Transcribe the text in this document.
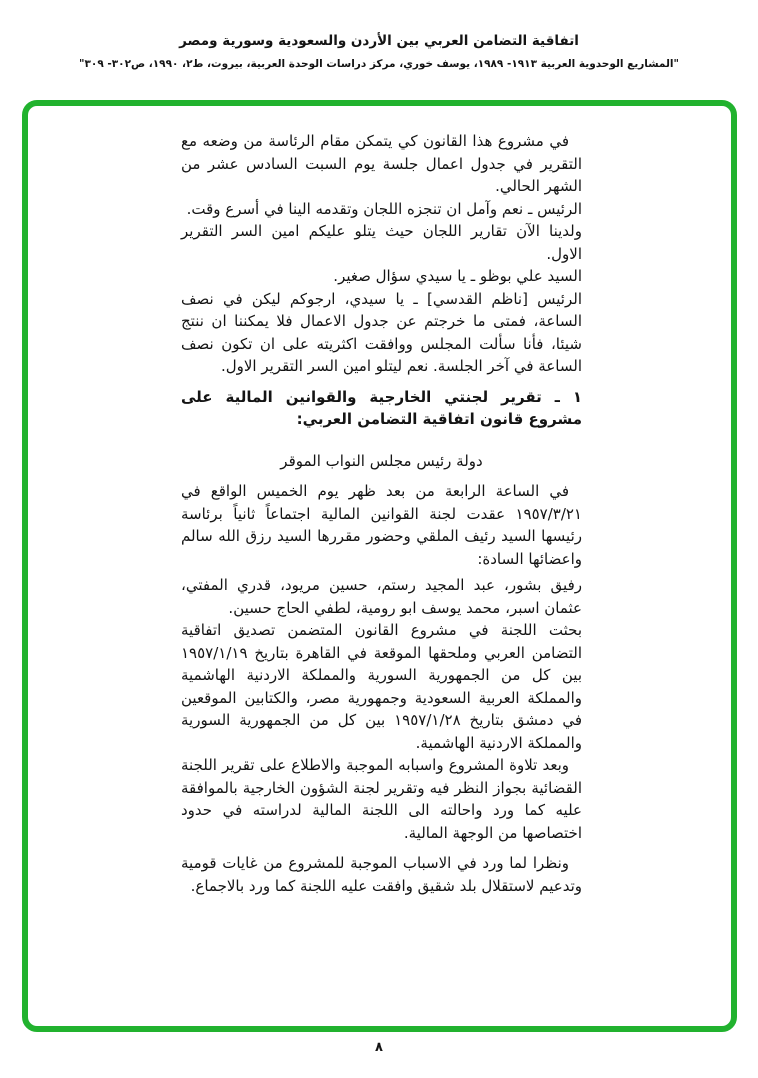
اتفاقية التضامن العربي بين الأردن والسعودية وسورية ومصر
"المشاريع الوحدوية العربية ١٩١٣- ١٩٨٩، يوسف خوري، مركز دراسات الوحدة العربية، بيروت، ط٢، ١٩٩٠، ص٣٠٢- ٣٠٩"

في مشروع هذا القانون كي يتمكن مقام الرئاسة من وضعه مع التقرير في جدول اعمال جلسة يوم السبت السادس عشر من الشهر الحالي.

الرئيس ـ نعم وآمل ان تنجزه اللجان وتقدمه الينا في أسرع وقت.

ولدينا الآن تقارير اللجان حيث يتلو عليكم امين السر التقرير الاول.

السيد علي بوظو ـ يا سيدي سؤال صغير.

الرئيس [ناظم القدسي] ـ يا سيدي، ارجوكم ليكن في نصف الساعة، فمتى ما خرجتم عن جدول الاعمال فلا يمكننا ان ننتج شيئا، فأنا سألت المجلس ووافقت اكثريته على ان تكون نصف الساعة في آخر الجلسة. نعم ليتلو امين السر التقرير الاول.

١ ـ تقرير لجنتي الخارجية والقوانين المالية على مشروع قانون اتفاقية التضامن العربي:

دولة رئيس مجلس النواب الموقر

في الساعة الرابعة من بعد ظهر يوم الخميس الواقع في ١٩٥٧/٣/٢١ عقدت لجنة القوانين المالية اجتماعاً ثانياً برئاسة رئيسها السيد رئيف الملقي وحضور مقررها السيد رزق الله سالم واعضائها السادة:

رفيق بشور، عبد المجيد رستم، حسين مريود، قدري المفتي، عثمان اسبر، محمد يوسف ابو رومية، لطفي الحاج حسين.

بحثت اللجنة في مشروع القانون المتضمن تصديق اتفاقية التضامن العربي وملحقها الموقعة في القاهرة بتاريخ ١٩٥٧/١/١٩ بين كل من الجمهورية السورية والمملكة الاردنية الهاشمية والمملكة العربية السعودية وجمهورية مصر، والكتابين الموقعين في دمشق بتاريخ ١٩٥٧/١/٢٨ بين كل من الجمهورية السورية والمملكة الاردنية الهاشمية.

وبعد تلاوة المشروع واسبابه الموجبة والاطلاع على تقرير اللجنة القضائية بجواز النظر فيه وتقرير لجنة الشؤون الخارجية بالموافقة عليه كما ورد واحالته الى اللجنة المالية لدراسته في حدود اختصاصها من الوجهة المالية.

ونظرا لما ورد في الاسباب الموجبة للمشروع من غايات قومية وتدعيم لاستقلال بلد شقيق وافقت عليه اللجنة كما ورد بالاجماع.

٨
